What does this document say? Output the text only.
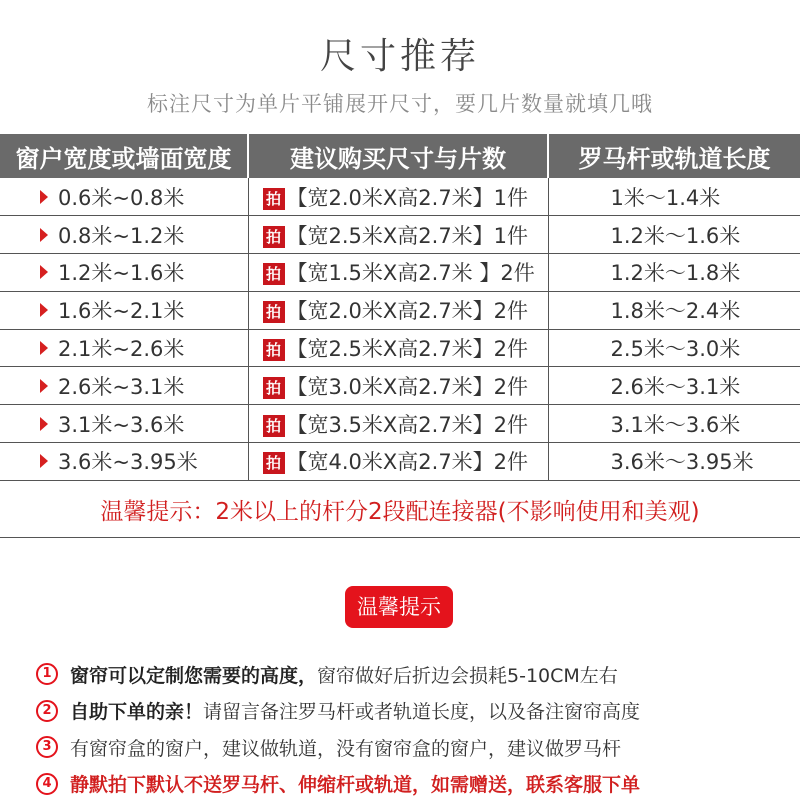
尺寸推荐
标注尺寸为单片平铺展开尺寸，要几片数量就填几哦
窗户宽度或墙面宽度	建议购买尺寸与片数	罗马杆或轨道长度

0.6米~0.8米	拍 【宽2.0米X高2.7米】1件	1米～1.4米

0.8米~1.2米	拍 【宽2.5米X高2.7米】1件	1.2米～1.6米

1.2米~1.6米	拍 【宽1.5米X高2.7米 】2件	1.2米～1.8米

1.6米~2.1米	拍 【宽2.0米X高2.7米】2件	1.8米～2.4米

2.1米~2.6米	拍 【宽2.5米X高2.7米】2件	2.5米～3.0米

2.6米~3.1米	拍 【宽3.0米X高2.7米】2件	2.6米～3.1米

3.1米~3.6米	拍 【宽3.5米X高2.7米】2件	3.1米～3.6米

3.6米~3.95米	拍 【宽4.0米X高2.7米】2件	3.6米～3.95米
温馨提示：2米以上的杆分2段配连接器(不影响使用和美观)
温馨提示
1 窗帘可以定制您需要的高度， 窗帘做好后折边会损耗5-10CM左右
2 自助下单的亲！ 请留言备注罗马杆或者轨道长度，以及备注窗帘高度
3 有窗帘盒的窗户，建议做轨道，没有窗帘盒的窗户，建议做罗马杆
4 静默拍下默认不送罗马杆、伸缩杆或轨道，如需赠送，联系客服下单
